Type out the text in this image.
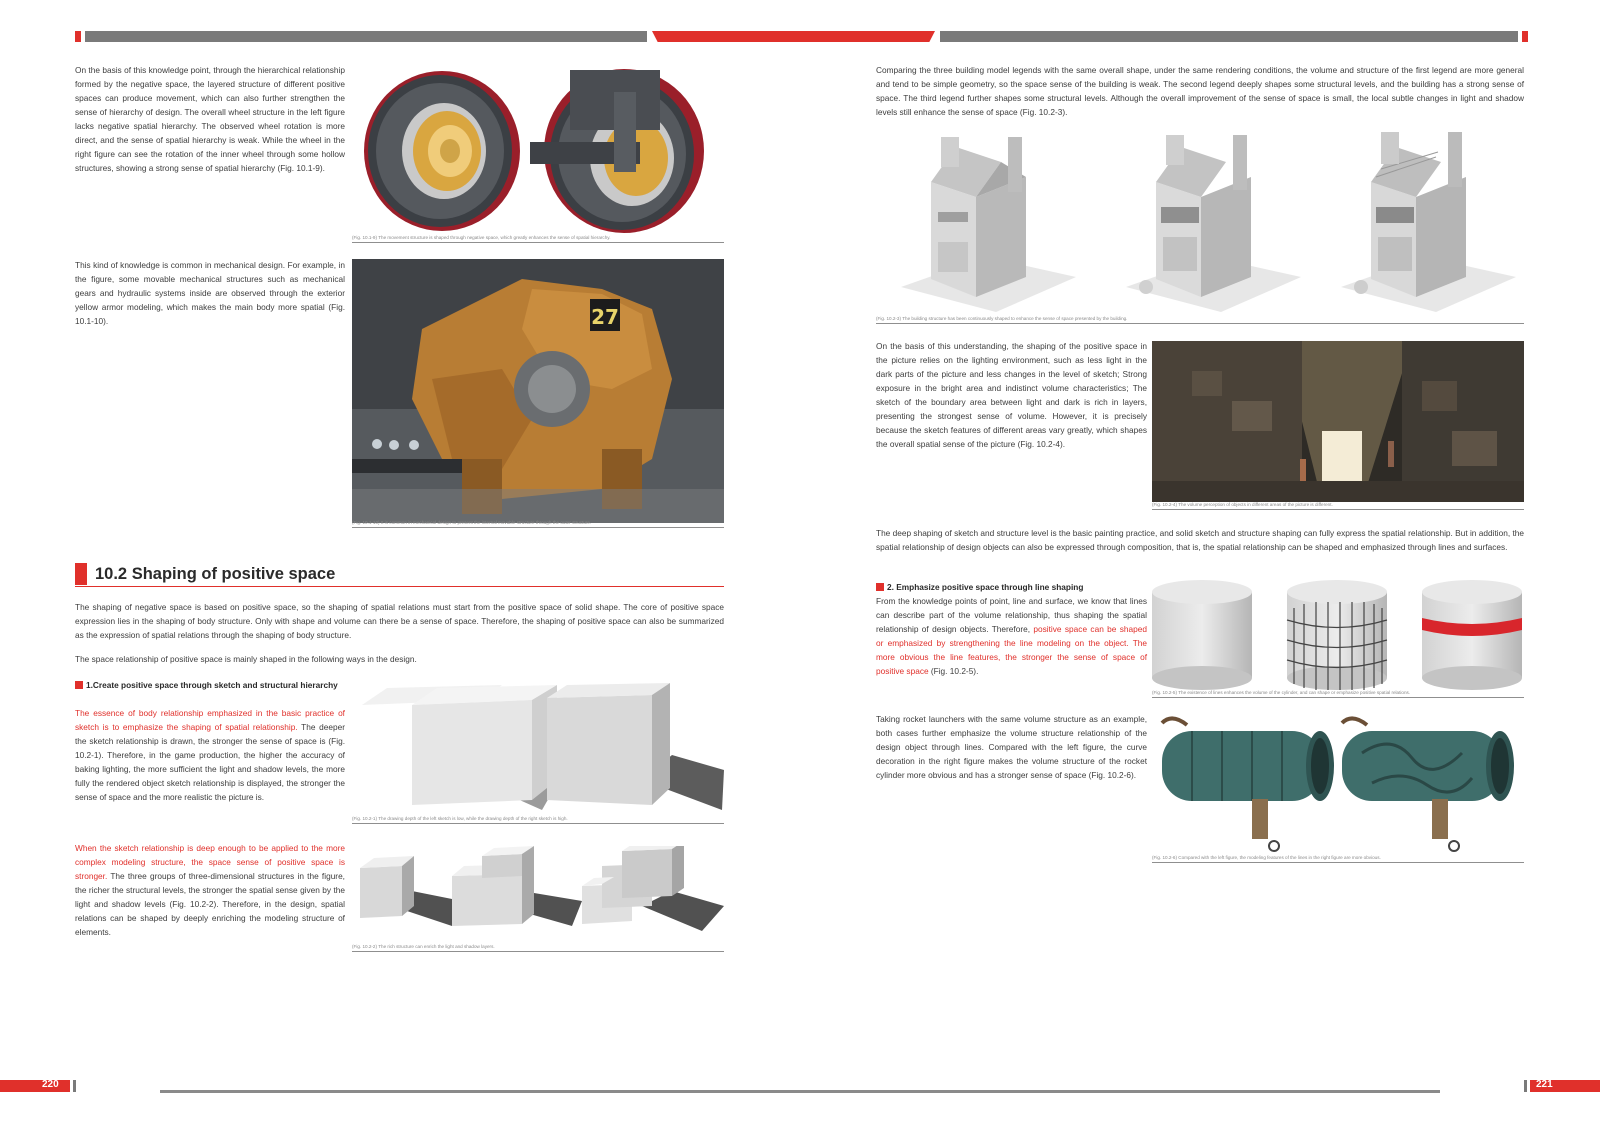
On the basis of this knowledge point, through the hierarchical relationship formed by the negative space, the layered structure of different positive spaces can produce movement, which can also further strengthen the sense of hierarchy of design. The overall wheel structure in the left figure lacks negative spatial hierarchy. The observed wheel rotation is more direct, and the sense of spatial hierarchy is weak. While the wheel in the right figure can see the rotation of the inner wheel through some hollow structures, showing a strong sense of spatial hierarchy (Fig. 10.1-9).

(Fig. 10.1-9) The movement structure is shaped through negative space, which greatly enhances the sense of spatial hierarchy.

This kind of knowledge is common in mechanical design. For example, in the figure, some movable mechanical structures such as mechanical gears and hydraulic systems inside are observed through the exterior yellow armor modeling, which makes the main body more spatial (Fig. 10.1-10).	27
(Fig. 10.1-10) It is common in mechanical design to present the internal movable structure through the outer structure.
10.2 Shaping of positive space

The shaping of negative space is based on positive space, so the shaping of spatial relations must start from the positive space of solid shape. The core of positive space expression lies in the shaping of body structure. Only with shape and volume can there be a sense of space. Therefore, the shaping of positive space can also be summarized as the expression of spatial relations through the shaping of body structure.

The space relationship of positive space is mainly shaped in the following ways in the design.

1.Create positive space through sketch and structural hierarchy

The essence of body relationship emphasized in the basic practice of sketch is to emphasize the shaping of spatial relationship. The deeper the sketch relationship is drawn, the stronger the sense of space is (Fig. 10.2-1). Therefore, in the game production, the higher the accuracy of baking lighting, the more sufficient the light and shadow levels, the more fully the rendered object sketch relationship is displayed, the stronger the sense of space and the more realistic the picture is.

(Fig. 10.2-1) The drawing depth of the left sketch is low, while the drawing depth of the right sketch is high.

When the sketch relationship is deep enough to be applied to the more complex modeling structure, the space sense of positive space is stronger. The three groups of three-dimensional structures in the figure, the richer the structural levels, the stronger the spatial sense given by the light and shadow levels (Fig. 10.2-2). Therefore, in the design, spatial relations can be shaped by deeply enriching the modeling structure of elements.

(Fig. 10.2-2) The rich structure can enrich the light and shadow layers.

Comparing the three building model legends with the same overall shape, under the same rendering conditions, the volume and structure of the first legend are more general and tend to be simple geometry, so the space sense of the building is weak. The second legend deeply shapes some structural levels, and the building has a strong sense of space. The third legend further shapes some structural levels. Although the overall improvement of the sense of space is small, the local subtle changes in light and shadow levels still enhance the sense of space (Fig. 10.2-3).

(Fig. 10.2-3) The building structure has been continuously shaped to enhance the sense of space presented by the building.

On the basis of this understanding, the shaping of the positive space in the picture relies on the lighting environment, such as less light in the dark parts of the picture and less changes in the level of sketch; Strong exposure in the bright area and indistinct volume characteristics; The sketch of the boundary area between light and dark is rich in layers, presenting the strongest sense of volume. However, it is precisely because the sketch features of different areas vary greatly, which shapes the overall spatial sense of the picture (Fig. 10.2-4).

(Fig. 10.2-4) The volume perception of objects in different areas of the picture is different.

The deep shaping of sketch and structure level is the basic painting practice, and solid sketch and structure shaping can fully express the spatial relationship. But in addition, the spatial relationship of design objects can also be expressed through composition, that is, the spatial relationship can be shaped and emphasized through lines and surfaces.

2. Emphasize positive space through line shaping

From the knowledge points of point, line and surface, we know that lines can describe part of the volume relationship, thus shaping the spatial relationship of design objects. Therefore, positive space can be shaped or emphasized by strengthening the line modeling on the object. The more obvious the line features, the stronger the sense of space of positive space (Fig. 10.2-5).

(Fig. 10.2-5) The existence of lines enhances the volume of the cylinder, and can shape or emphasize positive spatial relations.

Taking rocket launchers with the same volume structure as an example, both cases further emphasize the volume structure relationship of the design object through lines. Compared with the left figure, the curve decoration in the right figure makes the volume structure of the rocket cylinder more obvious and has a stronger sense of space (Fig. 10.2-6).

(Fig. 10.2-6) Compared with the left figure, the modeling features of the lines in the right figure are more obvious.
220	221
